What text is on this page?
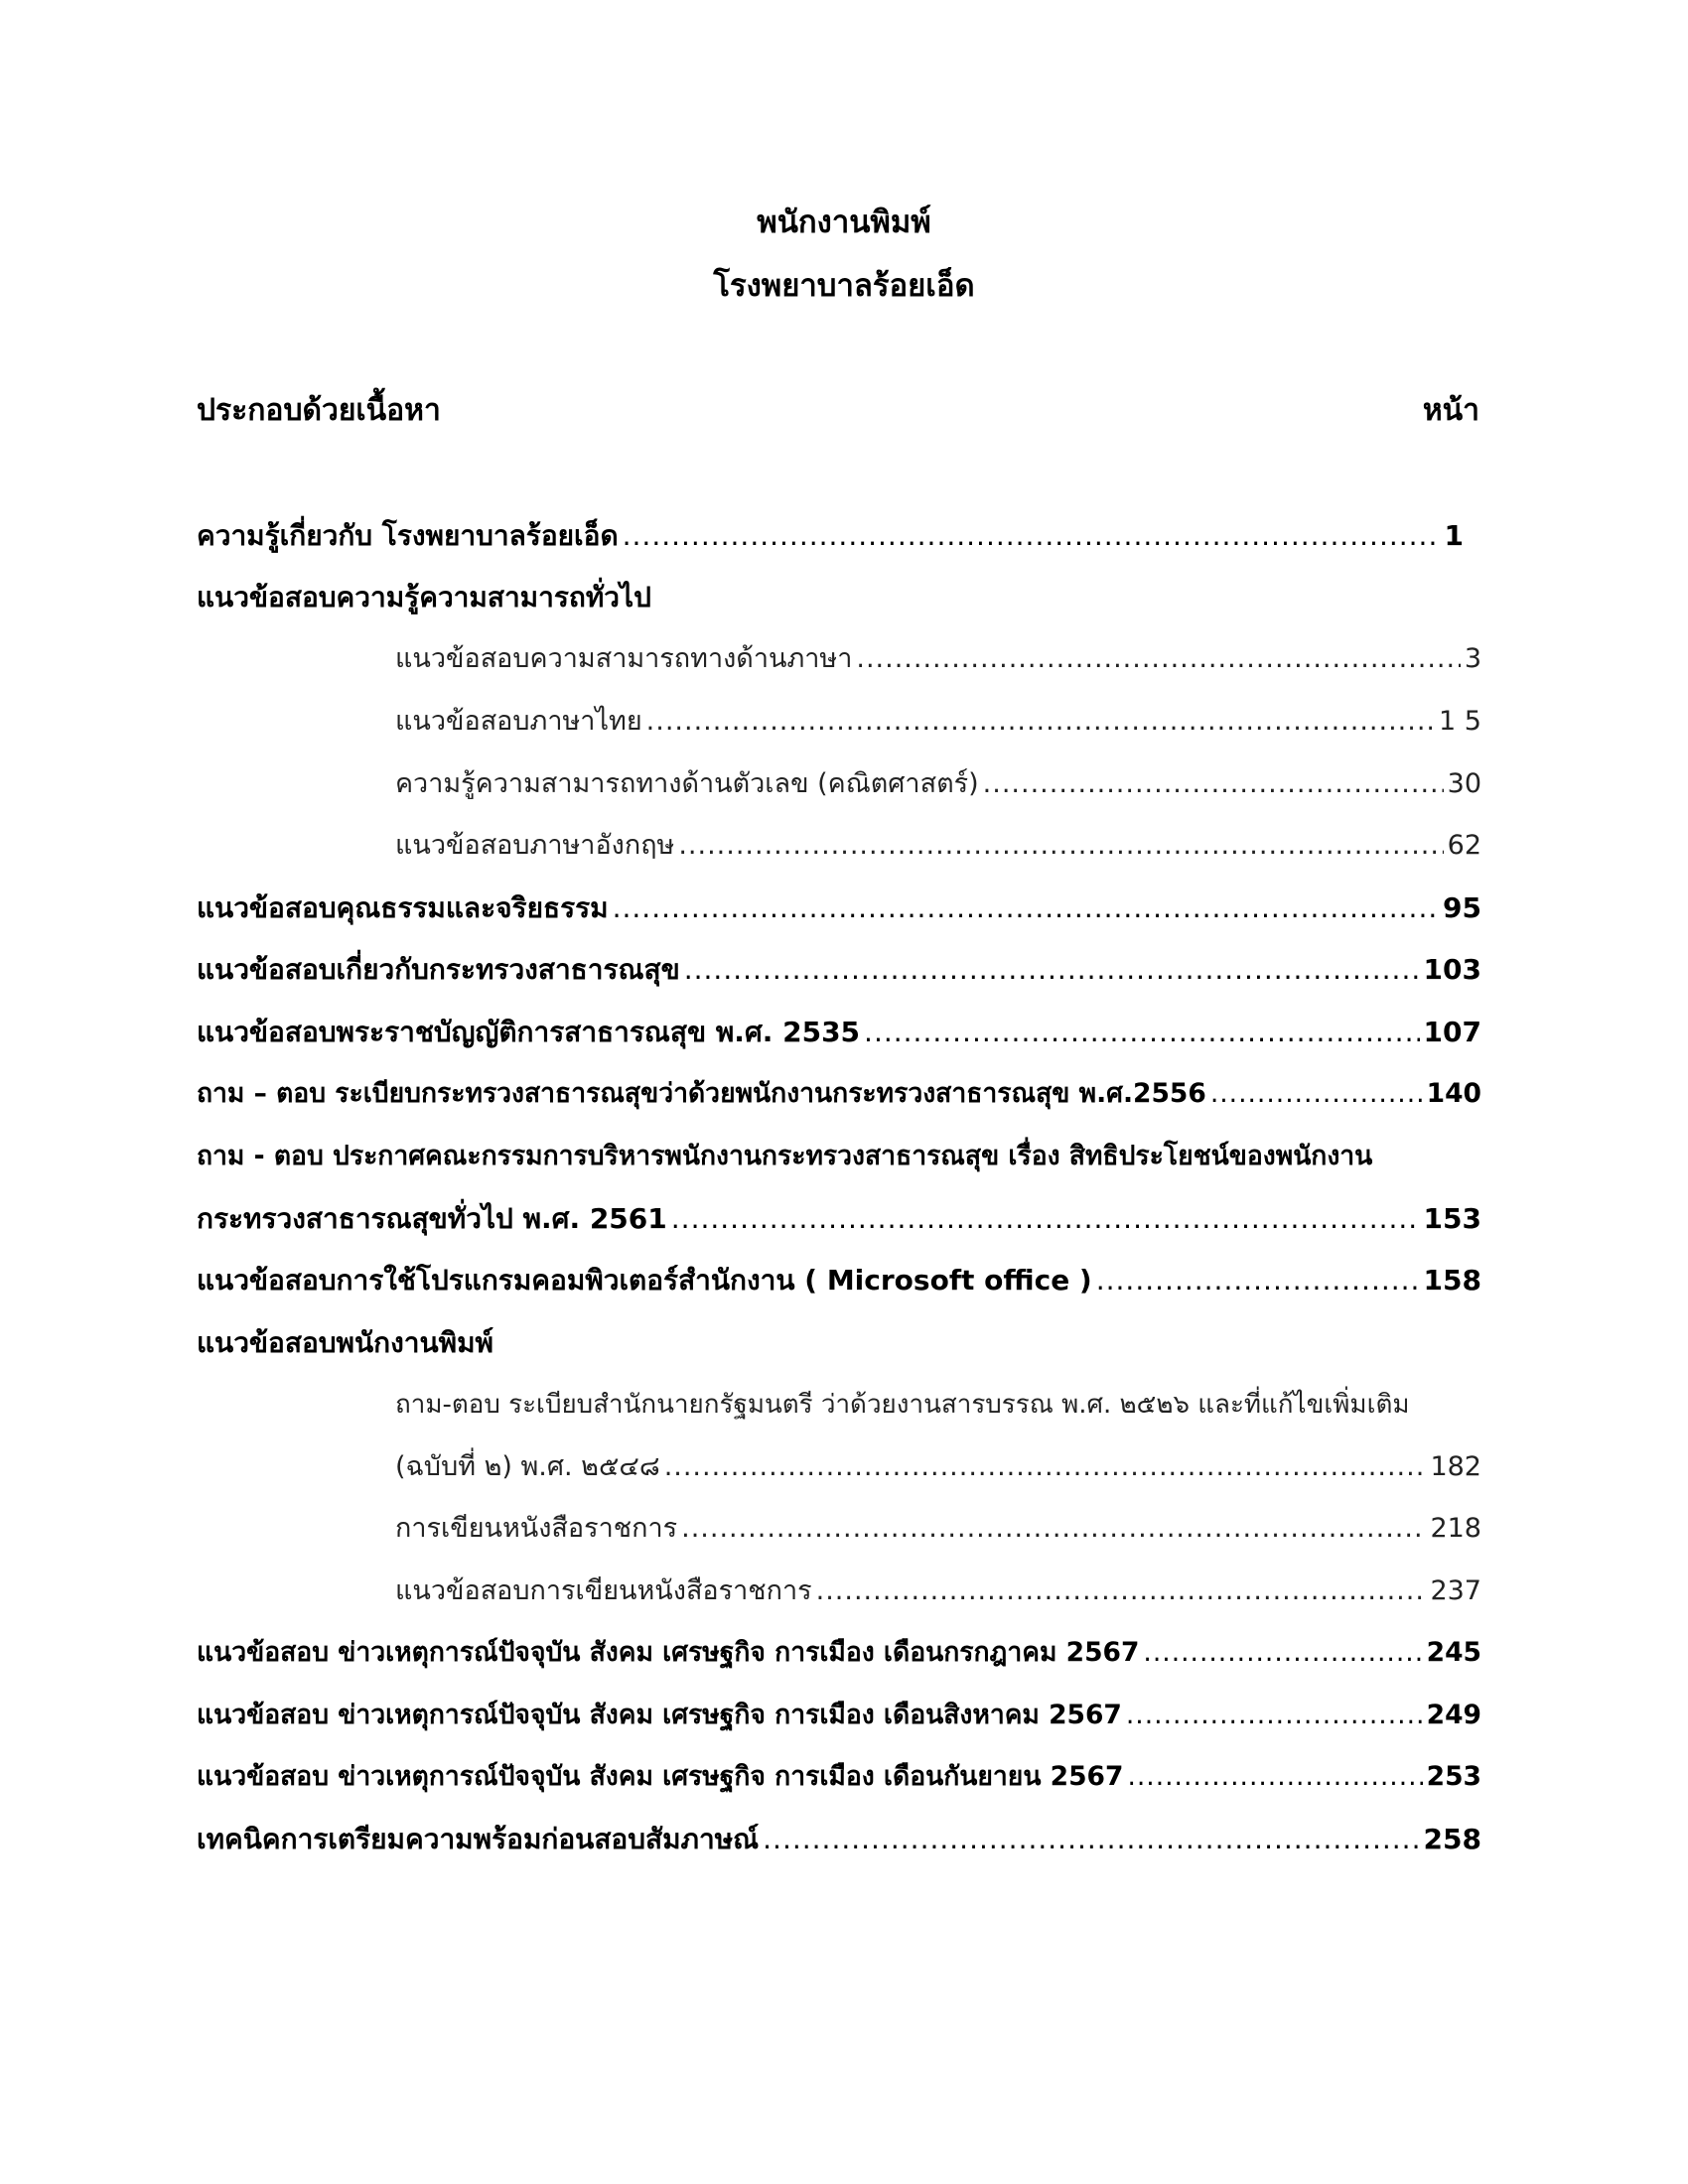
พนักงานพิมพ์
โรงพยาบาลร้อยเอ็ด
ประกอบด้วยเนื้อหา	หน้า
ความรู้เกี่ยวกับ โรงพยาบาลร้อยเอ็ด .....	1
แนวข้อสอบความรู้ความสามารถทั่วไป
แนวข้อสอบความสามารถทางด้านภาษา .....	3
แนวข้อสอบภาษาไทย .....	1 5
ความรู้ความสามารถทางด้านตัวเลข (คณิตศาสตร์) .....	30
แนวข้อสอบภาษาอังกฤษ .....	62
แนวข้อสอบคุณธรรมและจริยธรรม .....	95
แนวข้อสอบเกี่ยวกับกระทรวงสาธารณสุข .....	103
แนวข้อสอบพระราชบัญญัติการสาธารณสุข พ.ศ. 2535 .....	107
ถาม – ตอบ ระเบียบกระทรวงสาธารณสุขว่าด้วยพนักงานกระทรวงสาธารณสุข พ.ศ.2556 .....	140
ถาม - ตอบ ประกาศคณะกรรมการบริหารพนักงานกระทรวงสาธารณสุข เรื่อง สิทธิประโยชน์ของพนักงาน
กระทรวงสาธารณสุขทั่วไป พ.ศ. 2561 .....	153
แนวข้อสอบการใช้โปรแกรมคอมพิวเตอร์สำนักงาน ( Microsoft office ) .....	158
แนวข้อสอบพนักงานพิมพ์
ถาม-ตอบ ระเบียบสำนักนายกรัฐมนตรี ว่าด้วยงานสารบรรณ พ.ศ. ๒๕๒๖ และที่แก้ไขเพิ่มเติม
(ฉบับที่ ๒) พ.ศ. ๒๕๔๘ .....	182
การเขียนหนังสือราชการ .....	218
แนวข้อสอบการเขียนหนังสือราชการ .....	237
แนวข้อสอบ ข่าวเหตุการณ์ปัจจุบัน สังคม เศรษฐกิจ การเมือง เดือนกรกฎาคม 2567 .....	245
แนวข้อสอบ ข่าวเหตุการณ์ปัจจุบัน สังคม เศรษฐกิจ การเมือง เดือนสิงหาคม 2567 .....	249
แนวข้อสอบ ข่าวเหตุการณ์ปัจจุบัน สังคม เศรษฐกิจ การเมือง เดือนกันยายน 2567 .....	253
เทคนิคการเตรียมความพร้อมก่อนสอบสัมภาษณ์ .....	258
